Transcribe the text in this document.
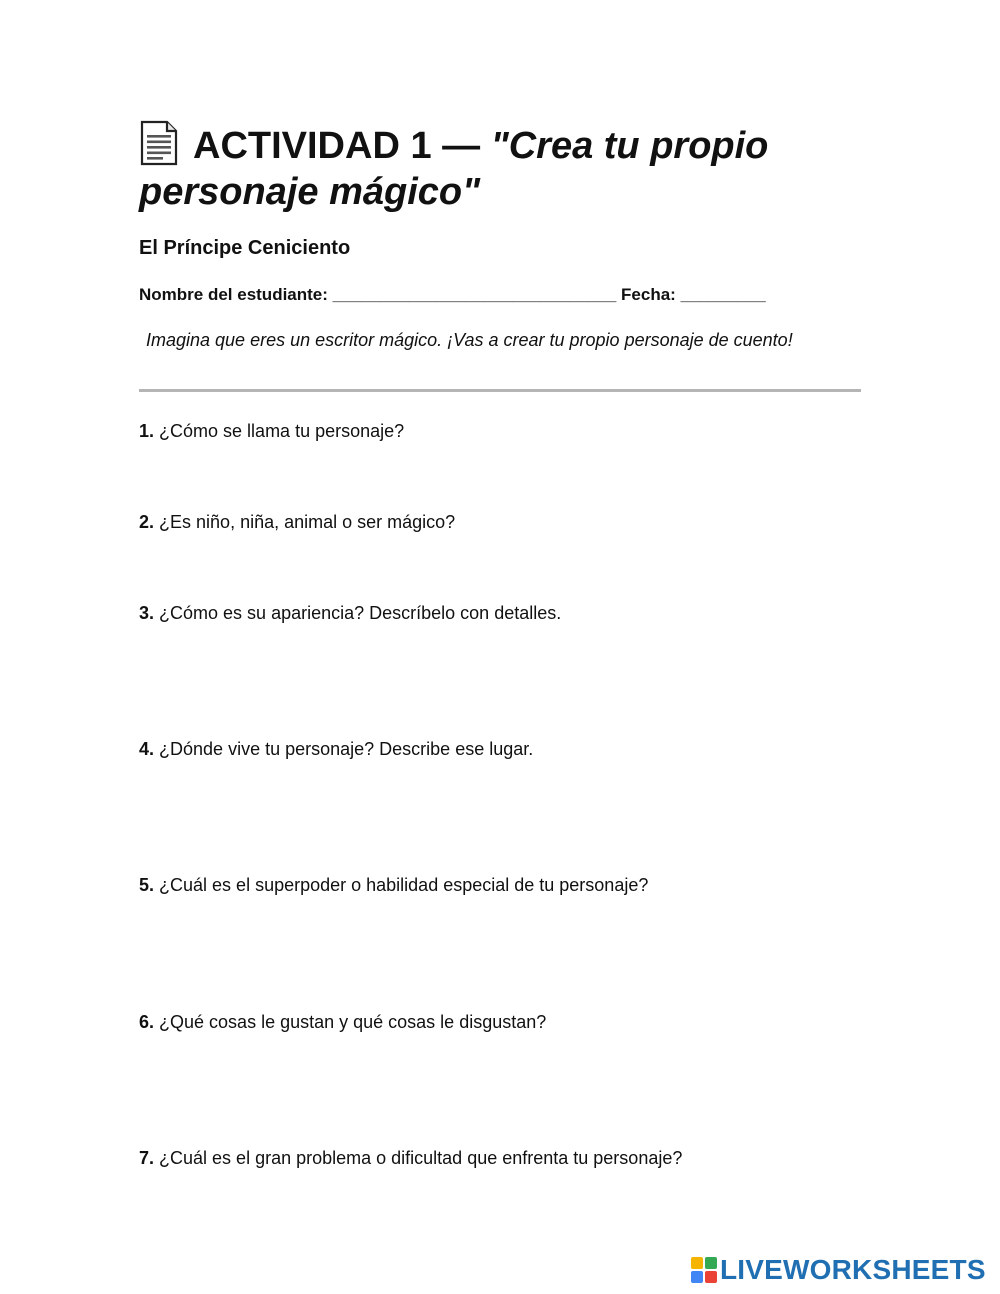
ACTIVIDAD 1 — "Crea tu propio personaje mágico"
El Príncipe Ceniciento
Nombre del estudiante: ______________________________ Fecha: _________
Imagina que eres un escritor mágico. ¡Vas a crear tu propio personaje de cuento!
1. ¿Cómo se llama tu personaje?
2. ¿Es niño, niña, animal o ser mágico?
3. ¿Cómo es su apariencia? Descríbelo con detalles.
4. ¿Dónde vive tu personaje? Describe ese lugar.
5. ¿Cuál es el superpoder o habilidad especial de tu personaje?
6. ¿Qué cosas le gustan y qué cosas le disgustan?
7. ¿Cuál es el gran problema o dificultad que enfrenta tu personaje?
LIVEWORKSHEETS
